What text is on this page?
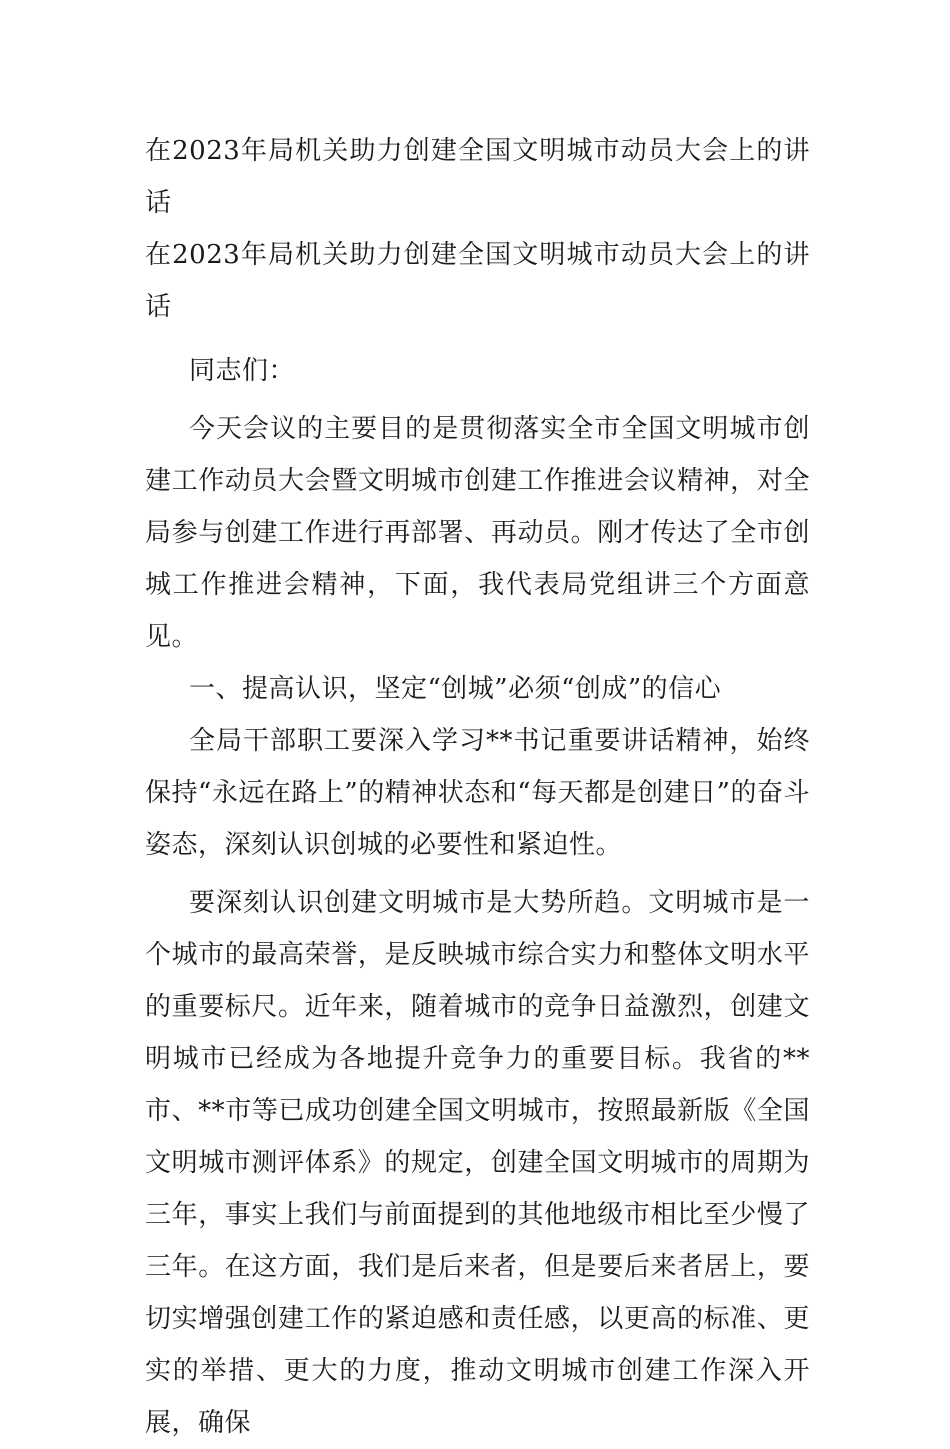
在2023年局机关助力创建全国文明城市动员大会上的讲话
在2023年局机关助力创建全国文明城市动员大会上的讲话
同志们：
今天会议的主要目的是贯彻落实全市全国文明城市创建工作动员大会暨文明城市创建工作推进会议精神，对全局参与创建工作进行再部署、再动员。刚才传达了全市创城工作推进会精神，下面，我代表局党组讲三个方面意见。
一、提高认识，坚定“创城”必须“创成”的信心
全局干部职工要深入学习**书记重要讲话精神，始终保持“永远在路上”的精神状态和“每天都是创建日”的奋斗姿态，深刻认识创城的必要性和紧迫性。
要深刻认识创建文明城市是大势所趋。文明城市是一个城市的最高荣誉，是反映城市综合实力和整体文明水平的重要标尺。近年来，随着城市的竞争日益激烈，创建文明城市已经成为各地提升竞争力的重要目标。我省的**市、**市等已成功创建全国文明城市，按照最新版《全国文明城市测评体系》的规定，创建全国文明城市的周期为三年，事实上我们与前面提到的其他地级市相比至少慢了三年。在这方面，我们是后来者，但是要后来者居上，要切实增强创建工作的紧迫感和责任感，以更高的标准、更实的举措、更大的力度，推动文明城市创建工作深入开展，确保
